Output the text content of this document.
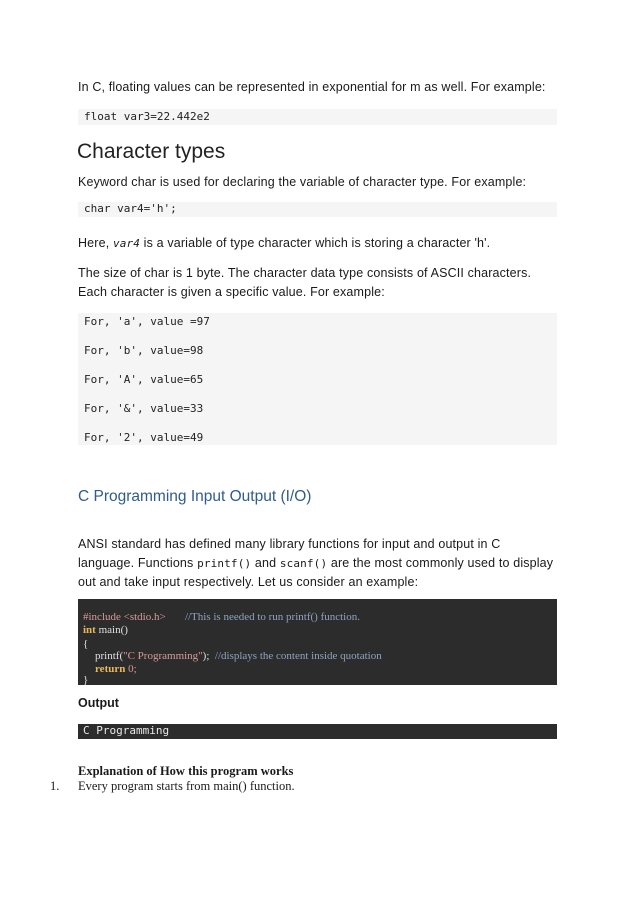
In C, floating values can be represented in exponential for m as well. For example:

float var3=22.442e2
Character types

Keyword char is used for declaring the variable of character type. For example:

char var4='h';

Here, var4 is a variable of type character which is storing a character 'h'.

The size of char is 1 byte. The character data type consists of ASCII characters. Each character is given a specific value. For example:

For, 'a', value =97
For, 'b', value=98
For, 'A', value=65
For, '&', value=33
For, '2', value=49
C Programming Input Output (I/O)

ANSI standard has defined many library functions for input and output in C language. Functions printf() and scanf() are the most commonly used to display out and take input respectively. Let us consider an example:

#include <stdio.h> //This is needed to run printf() function.
int main()
{
printf("C Programming"); //displays the content inside quotation
return 0;
}
Output
C Programming
Explanation of How this program works
1. Every program starts from main() function.
